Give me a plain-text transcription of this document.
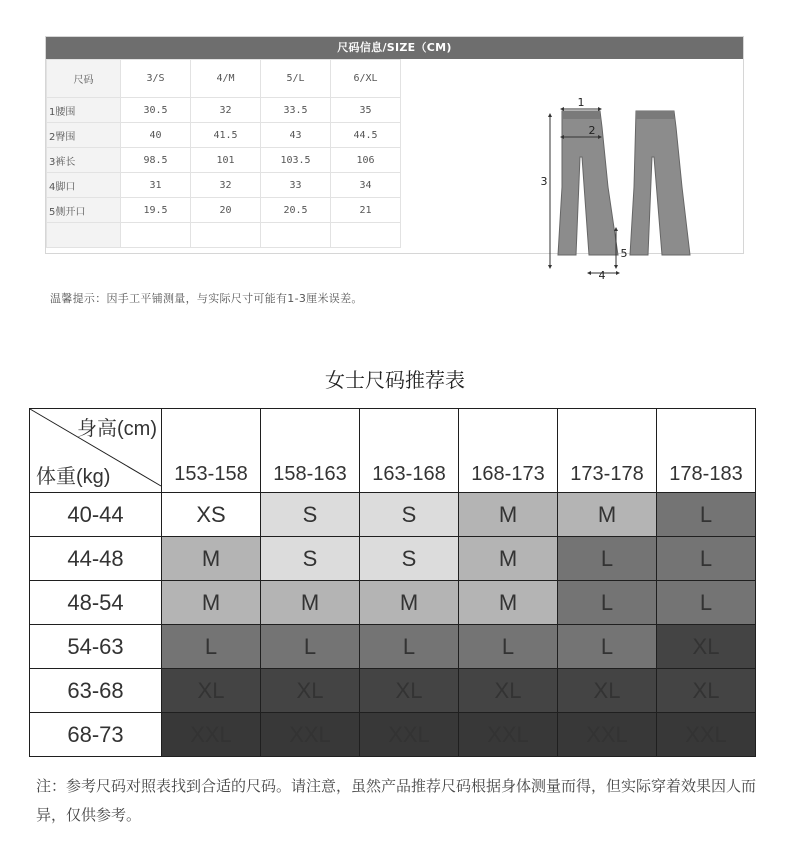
尺码信息/SIZE（CM)
尺码	3/S	4/M	5/L	6/XL
1腰围	30.5	32	33.5	35
2臀围	40	41.5	43	44.5
3裤长	98.5	101	103.5	106
4脚口	31	32	33	34
5侧开口	19.5	20	20.5	21

1
2
3
4
5
温馨提示：因手工平铺测量，与实际尺寸可能有1-3厘米误差。
女士尺码推荐表
身高(cm)
体重(kg)	153-158	158-163	163-168	168-173	173-178	178-183
40-44	XS	S	S	M	M	L
44-48	M	S	S	M	L	L
48-54	M	M	M	M	L	L
54-63	L	L	L	L	L	XL
63-68	XL	XL	XL	XL	XL	XL
68-73	XXL	XXL	XXL	XXL	XXL	XXL
注：参考尺码对照表找到合适的尺码。请注意，虽然产品推荐尺码根据身体测量而得，但实际穿着效果因人而异，仅供参考。
